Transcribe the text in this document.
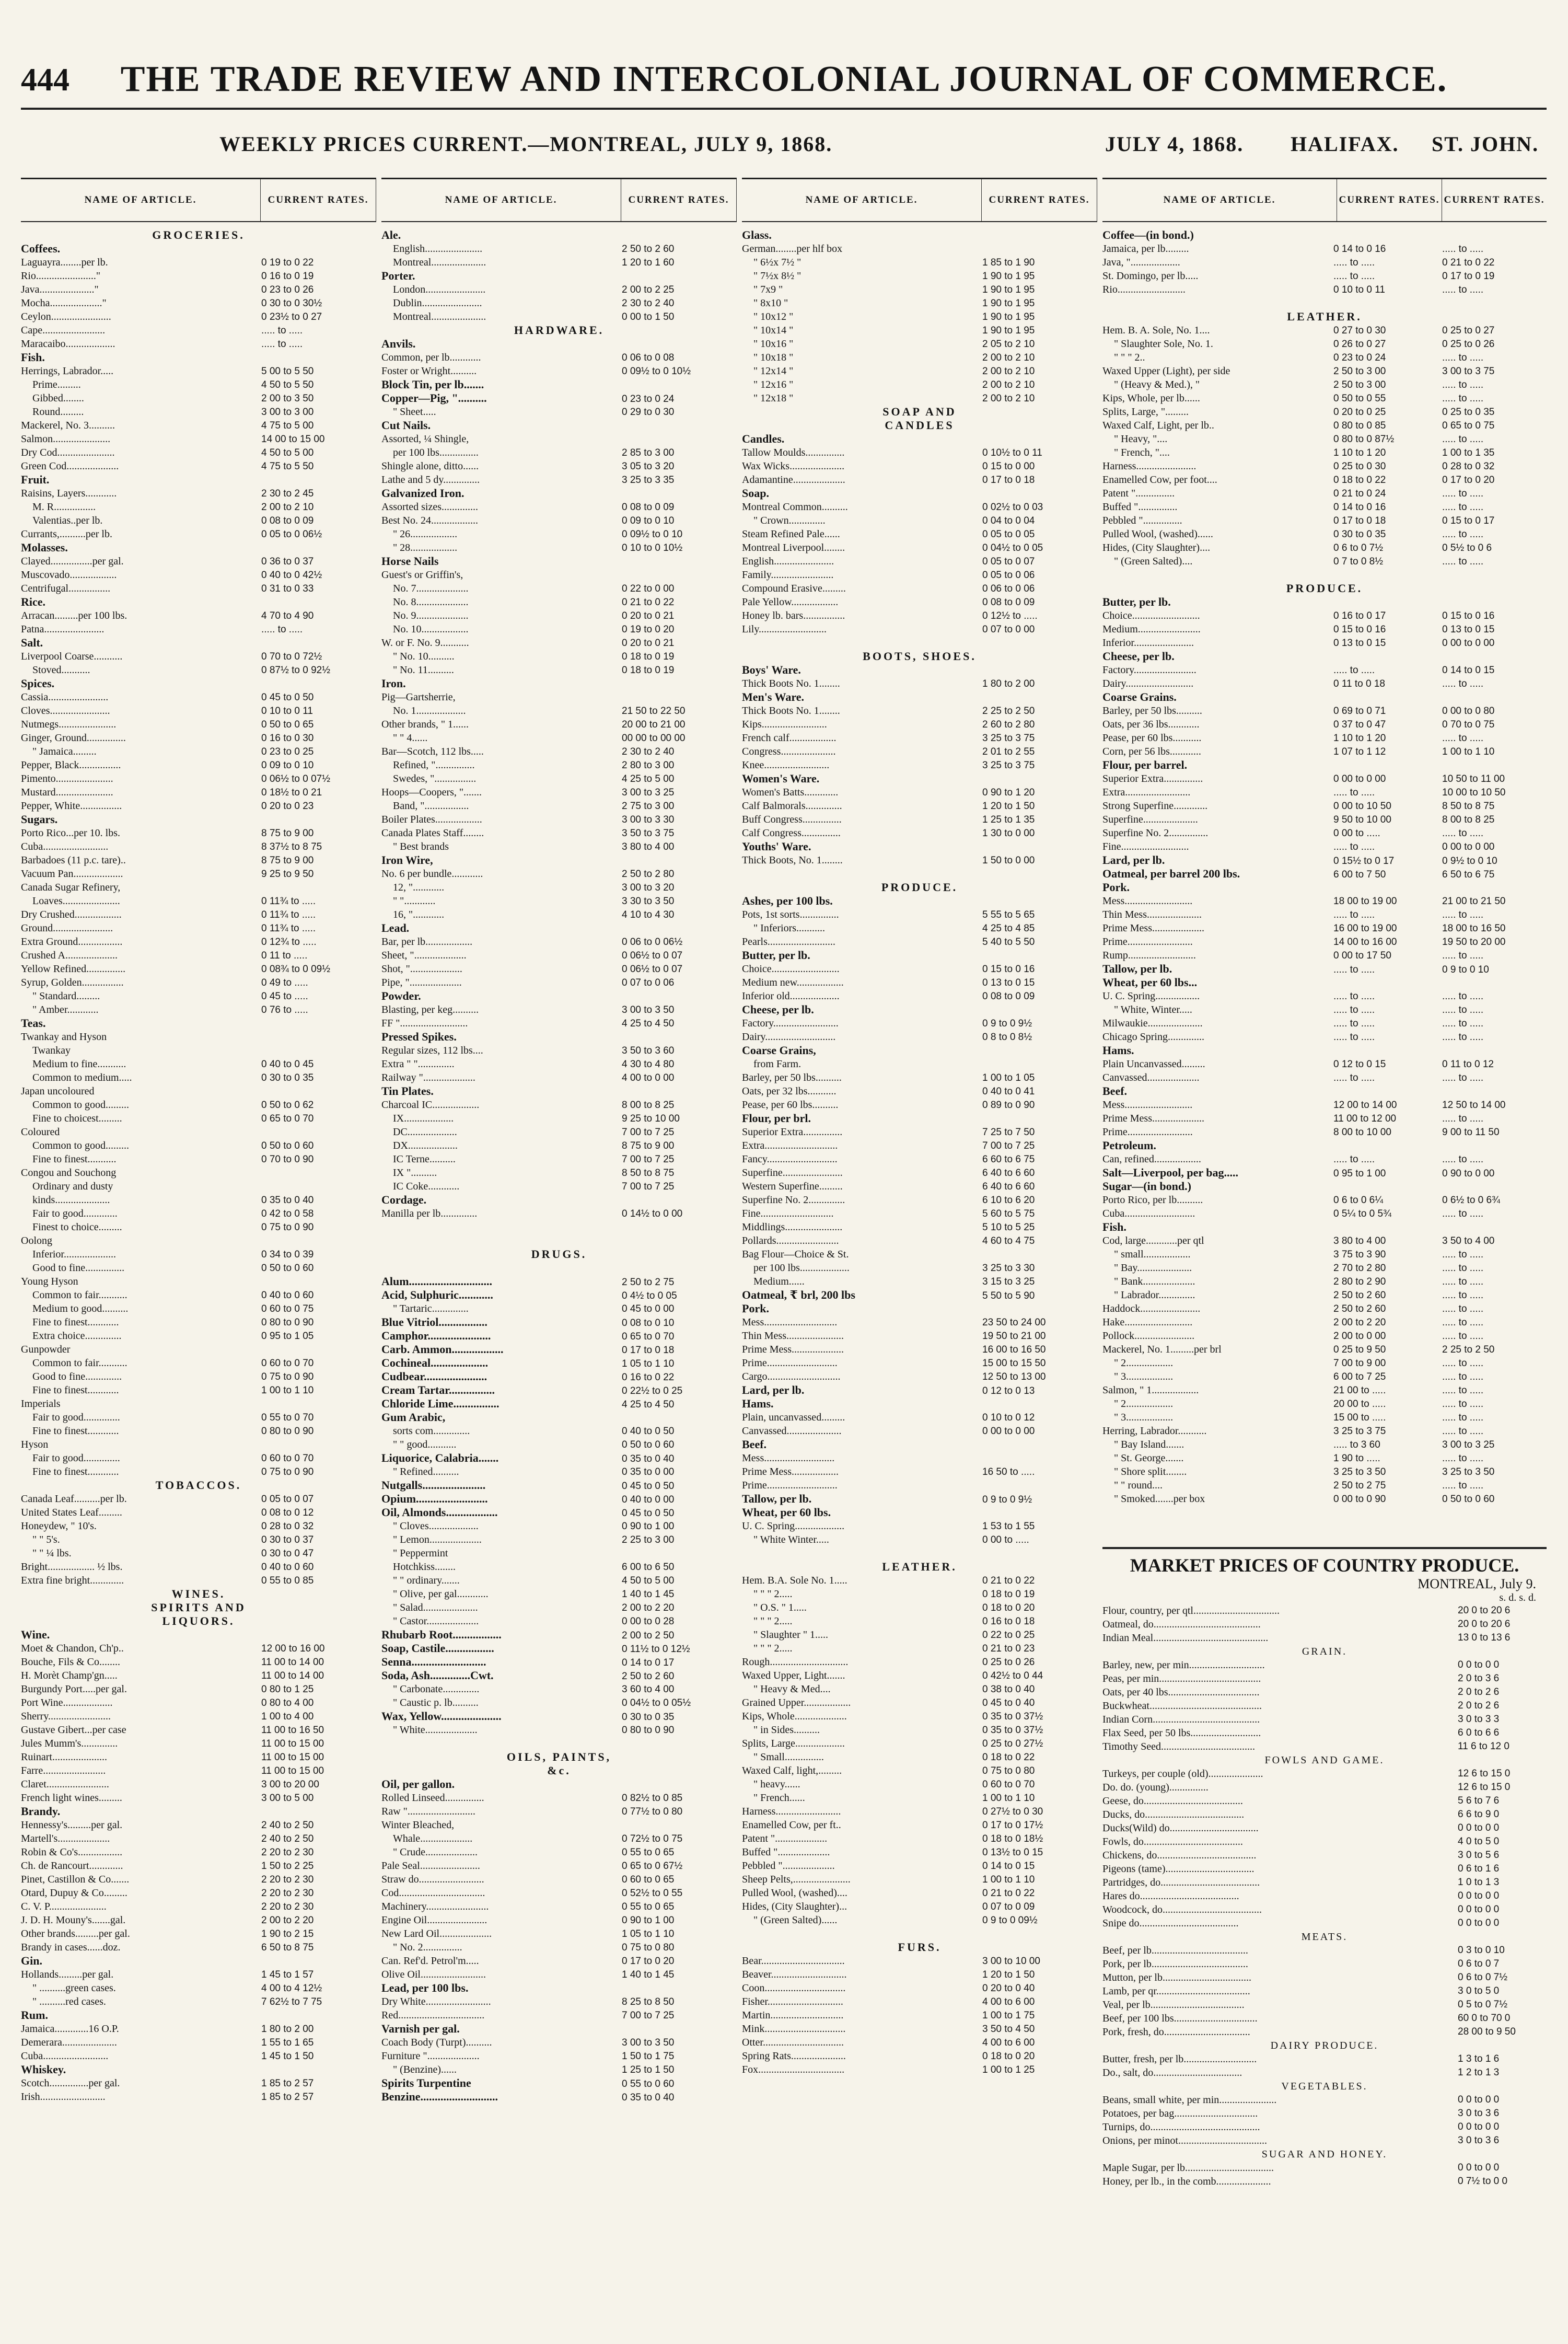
444	THE TRADE REVIEW AND INTERCOLONIAL JOURNAL OF COMMERCE.
WEEKLY PRICES CURRENT.—MONTREAL, JULY 9, 1868.	JULY 4, 1868. HALIFAX. ST. JOHN.
NAME OF ARTICLE.	CURRENT RATES.
GROCERIES.
Coffees.
Laguayra........per lb.	0 19 to 0 22
Rio......................."	0 16 to 0 19
Java....................."	0 23 to 0 26
Mocha...................."	0 30 to 0 30½
Ceylon.......................	0 23½ to 0 27
Cape........................	..... to .....
Maracaibo...................	..... to .....
Fish.
Herrings, Labrador.....	5 00 to 5 50
Prime.........	4 50 to 5 50
Gibbed........	2 00 to 3 50
Round.........	3 00 to 3 00
Mackerel, No. 3..........	4 75 to 5 00
Salmon......................	14 00 to 15 00
Dry Cod......................	4 50 to 5 00
Green Cod....................	4 75 to 5 50
Fruit.
Raisins, Layers............	2 30 to 2 45
M. R................	2 00 to 2 10
Valentias..per lb.	0 08 to 0 09
Currants,..........per lb.	0 05 to 0 06½
Molasses.
Clayed................per gal.	0 36 to 0 37
Muscovado..................	0 40 to 0 42½
Centrifugal................	0 31 to 0 33
Rice.
Arracan.........per 100 lbs.	4 70 to 4 90
Patna.......................	..... to .....
Salt.
Liverpool Coarse...........	0 70 to 0 72½
Stoved...........	0 87½ to 0 92½
Spices.
Cassia.......................	0 45 to 0 50
Cloves.......................	0 10 to 0 11
Nutmegs......................	0 50 to 0 65
Ginger, Ground...............	0 16 to 0 30
" Jamaica.........	0 23 to 0 25
Pepper, Black................	0 09 to 0 10
Pimento......................	0 06½ to 0 07½
Mustard......................	0 18½ to 0 21
Pepper, White................	0 20 to 0 23
Sugars.
Porto Rico...per 10. lbs.	8 75 to 9 00
Cuba.........................	8 37½ to 8 75
Barbadoes (11 p.c. tare)..	8 75 to 9 00
Vacuum Pan...................	9 25 to 9 50
Canada Sugar Refinery,
Loaves......................	0 11¾ to .....
Dry Crushed..................	0 11¾ to .....
Ground.......................	0 11¾ to .....
Extra Ground.................	0 12¾ to .....
Crushed A....................	0 11 to .....
Yellow Refined...............	0 08¾ to 0 09½
Syrup, Golden................	0 49 to .....
" Standard.........	0 45 to .....
" Amber............	0 76 to .....
Teas.
Twankay and Hyson
Twankay
Medium to fine...........	0 40 to 0 45
Common to medium.....	0 30 to 0 35
Japan uncoloured
Common to good.........	0 50 to 0 62
Fine to choicest.........	0 65 to 0 70
Coloured
Common to good.........	0 50 to 0 60
Fine to finest...........	0 70 to 0 90
Congou and Souchong
Ordinary and dusty
kinds.....................	0 35 to 0 40
Fair to good.............	0 42 to 0 58
Finest to choice.........	0 75 to 0 90
Oolong
Inferior....................	0 34 to 0 39
Good to fine...............	0 50 to 0 60
Young Hyson
Common to fair...........	0 40 to 0 60
Medium to good..........	0 60 to 0 75
Fine to finest............	0 80 to 0 90
Extra choice..............	0 95 to 1 05
Gunpowder
Common to fair...........	0 60 to 0 70
Good to fine..............	0 75 to 0 90
Fine to finest............	1 00 to 1 10
Imperials
Fair to good..............	0 55 to 0 70
Fine to finest............	0 80 to 0 90
Hyson
Fair to good..............	0 60 to 0 70
Fine to finest............	0 75 to 0 90
TOBACCOS.
Canada Leaf..........per lb.	0 05 to 0 07
United States Leaf.........	0 08 to 0 12
Honeydew, " 10's.	0 28 to 0 32
" " 5's.	0 30 to 0 37
" " ¼ lbs.	0 30 to 0 47
Bright.................. ½ lbs.	0 40 to 0 60
Extra fine bright.............	0 55 to 0 85
WINES.
SPIRITS AND
LIQUORS.
Wine.
Moet & Chandon, Ch'p..	12 00 to 16 00
Bouche, Fils & Co........	11 00 to 14 00
H. Morèt Champ'gn.....	11 00 to 14 00
Burgundy Port.....per gal.	0 80 to 1 25
Port Wine...................	0 80 to 4 00
Sherry........................	1 00 to 4 00
Gustave Gibert...per case	11 00 to 16 50
Jules Mumm's..............	11 00 to 15 00
Ruinart.....................	11 00 to 15 00
Farre........................	11 00 to 15 00
Claret........................	3 00 to 20 00
French light wines.........	3 00 to 5 00
Brandy.
Hennessy's.........per gal.	2 40 to 2 50
Martell's....................	2 40 to 2 50
Robin & Co's.................	2 20 to 2 30
Ch. de Rancourt.............	1 50 to 2 25
Pinet, Castillon & Co.......	2 20 to 2 30
Otard, Dupuy & Co.........	2 20 to 2 30
C. V. P......................	2 20 to 2 30
J. D. H. Mouny's.......gal.	2 00 to 2 20
Other brands.........per gal.	1 90 to 2 15
Brandy in cases......doz.	6 50 to 8 75
Gin.
Hollands.........per gal.	1 45 to 1 57
" ..........green cases.	4 00 to 4 12½
" ..........red cases.	7 62½ to 7 75
Rum.
Jamaica.............16 O.P.	1 80 to 2 00
Demerara.....................	1 55 to 1 65
Cuba.........................	1 45 to 1 50
Whiskey.
Scotch...............per gal.	1 85 to 2 57
Irish.........................	1 85 to 2 57
NAME OF ARTICLE.	CURRENT RATES.
Ale.
English......................	2 50 to 2 60
Montreal.....................	1 20 to 1 60
Porter.
London.......................	2 00 to 2 25
Dublin.......................	2 30 to 2 40
Montreal.....................	0 00 to 1 50
HARDWARE.
Anvils.
Common, per lb............	0 06 to 0 08
Foster or Wright..........	0 09½ to 0 10½
Block Tin, per lb.......
Copper—Pig, "..........	0 23 to 0 24
" Sheet.....	0 29 to 0 30
Cut Nails.
Assorted, ¼ Shingle,
per 100 lbs...............	2 85 to 3 00
Shingle alone, ditto......	3 05 to 3 20
Lathe and 5 dy..............	3 25 to 3 35
Galvanized Iron.
Assorted sizes..............	0 08 to 0 09
Best No. 24..................	0 09 to 0 10
" 26..................	0 09½ to 0 10
" 28..................	0 10 to 0 10½
Horse Nails
Guest's or Griffin's,
No. 7....................	0 22 to 0 00
No. 8....................	0 21 to 0 22
No. 9....................	0 20 to 0 21
No. 10..................	0 19 to 0 20
W. or F. No. 9...........	0 20 to 0 21
" No. 10..........	0 18 to 0 19
" No. 11..........	0 18 to 0 19
Iron.
Pig—Gartsherrie,
No. 1...................	21 50 to 22 50
Other brands, " 1......	20 00 to 21 00
" " 4......	00 00 to 00 00
Bar—Scotch, 112 lbs.....	2 30 to 2 40
Refined, "...............	2 80 to 3 00
Swedes, "................	4 25 to 5 00
Hoops—Coopers, ".......	3 00 to 3 25
Band, ".................	2 75 to 3 00
Boiler Plates..................	3 00 to 3 30
Canada Plates Staff........	3 50 to 3 75
" Best brands	3 80 to 4 00
Iron Wire,
No. 6 per bundle............	2 50 to 2 80
12, "............	3 00 to 3 20
" "............	3 30 to 3 50
16, "............	4 10 to 4 30
Lead.
Bar, per lb..................	0 06 to 0 06½
Sheet, "....................	0 06½ to 0 07
Shot, "....................	0 06½ to 0 07
Pipe, "....................	0 07 to 0 06
Powder.
Blasting, per keg..........	3 00 to 3 50
FF "..........................	4 25 to 4 50
Pressed Spikes.
Regular sizes, 112 lbs....	3 50 to 3 60
Extra " "..............	4 30 to 4 80
Railway "....................	4 00 to 0 00
Tin Plates.
Charcoal IC..................	8 00 to 8 25
IX...................	9 25 to 10 00
DC...................	7 00 to 7 25
DX...................	8 75 to 9 00
IC Terne..........	7 00 to 7 25
IX "..........	8 50 to 8 75
IC Coke............	7 00 to 7 25
Cordage.
Manilla per lb..............	0 14½ to 0 00
DRUGS.
Alum.............................	2 50 to 2 75
Acid, Sulphuric............	0 4½ to 0 05
" Tartaric..............	0 45 to 0 00
Blue Vitriol.................	0 08 to 0 10
Camphor......................	0 65 to 0 70
Carb. Ammon..................	0 17 to 0 18
Cochineal....................	1 05 to 1 10
Cudbear......................	0 16 to 0 22
Cream Tartar................	0 22½ to 0 25
Chloride Lime................	4 25 to 4 50
Gum Arabic,
sorts com..............	0 40 to 0 50
" " good...........	0 50 to 0 60
Liquorice, Calabria.......	0 35 to 0 40
" Refined..........	0 35 to 0 00
Nutgalls......................	0 45 to 0 50
Opium.........................	0 40 to 0 00
Oil, Almonds..................	0 45 to 0 50
" Cloves...................	0 90 to 1 00
" Lemon....................	2 25 to 3 00
" Peppermint
Hotchkiss........	6 00 to 6 50
" " ordinary.......	4 50 to 5 00
" Olive, per gal............	1 40 to 1 45
" Salad.....................	2 00 to 2 20
" Castor....................	0 00 to 0 28
Rhubarb Root.................	2 00 to 2 50
Soap, Castile.................	0 11½ to 0 12½
Senna..........................	0 14 to 0 17
Soda, Ash..............Cwt.	2 50 to 2 60
" Carbonate..............	3 60 to 4 00
" Caustic p. lb..........	0 04½ to 0 05½
Wax, Yellow.....................	0 30 to 0 35
" White....................	0 80 to 0 90
OILS, PAINTS,
&c.
Oil, per gallon.
Rolled Linseed...............	0 82½ to 0 85
Raw "..........................	0 77½ to 0 80
Winter Bleached,
Whale....................	0 72½ to 0 75
" Crude....................	0 55 to 0 65
Pale Seal.......................	0 65 to 0 67½
Straw do.........................	0 60 to 0 65
Cod.................................	0 52½ to 0 55
Machinery........................	0 55 to 0 65
Engine Oil.......................	0 90 to 1 00
New Lard Oil....................	1 05 to 1 10
" No. 2...............	0 75 to 0 80
Can. Ref'd. Petrol'm.....	0 17 to 0 20
Olive Oil.........................	1 40 to 1 45
Lead, per 100 lbs.
Dry White.........................	8 25 to 8 50
Red.................................	7 00 to 7 25
Varnish per gal.
Coach Body (Turpt)..........	3 00 to 3 50
Furniture "....................	1 50 to 1 75
" (Benzine)......	1 25 to 1 50
Spirits Turpentine	0 55 to 0 60
Benzine...........................	0 35 to 0 40
NAME OF ARTICLE.	CURRENT RATES.
Glass.
German........per hlf box
" 6½x 7½ "	1 85 to 1 90
" 7½x 8½ "	1 90 to 1 95
" 7x9 "	1 90 to 1 95
" 8x10 "	1 90 to 1 95
" 10x12 "	1 90 to 1 95
" 10x14 "	1 90 to 1 95
" 10x16 "	2 05 to 2 10
" 10x18 "	2 00 to 2 10
" 12x14 "	2 00 to 2 10
" 12x16 "	2 00 to 2 10
" 12x18 "	2 00 to 2 10
SOAP AND
CANDLES
Candles.
Tallow Moulds...............	0 10½ to 0 11
Wax Wicks.....................	0 15 to 0 00
Adamantine....................	0 17 to 0 18
Soap.
Montreal Common..........	0 02½ to 0 03
" Crown..............	0 04 to 0 04
Steam Refined Pale......	0 05 to 0 05
Montreal Liverpool........	0 04½ to 0 05
English.......................	0 05 to 0 07
Family........................	0 05 to 0 06
Compound Erasive.........	0 06 to 0 06
Pale Yellow..................	0 08 to 0 09
Honey lb. bars................	0 12½ to .....
Lily..........................	0 07 to 0 00
BOOTS, SHOES.
Boys' Ware.
Thick Boots No. 1........	1 80 to 2 00
Men's Ware.
Thick Boots No. 1........	2 25 to 2 50
Kips.........................	2 60 to 2 80
French calf..................	3 25 to 3 75
Congress.....................	2 01 to 2 55
Knee.........................	3 25 to 3 75
Women's Ware.
Women's Batts.............	0 90 to 1 20
Calf Balmorals..............	1 20 to 1 50
Buff Congress...............	1 25 to 1 35
Calf Congress...............	1 30 to 0 00
Youths' Ware.
Thick Boots, No. 1........	1 50 to 0 00
PRODUCE.
Ashes, per 100 lbs.
Pots, 1st sorts...............	5 55 to 5 65
" Inferiors...........	4 25 to 4 85
Pearls..........................	5 40 to 5 50
Butter, per lb.
Choice..........................	0 15 to 0 16
Medium new..................	0 13 to 0 15
Inferior old...................	0 08 to 0 09
Cheese, per lb.
Factory.........................	0 9 to 0 9½
Dairy...........................	0 8 to 0 8½
Coarse Grains,
from Farm.
Barley, per 50 lbs..........	1 00 to 1 05
Oats, per 32 lbs...........	0 40 to 0 41
Pease, per 60 lbs..........	0 89 to 0 90
Flour, per brl.
Superior Extra...............	7 25 to 7 50
Extra............................	7 00 to 7 25
Fancy...........................	6 60 to 6 75
Superfine.......................	6 40 to 6 60
Western Superfine.........	6 40 to 6 60
Superfine No. 2..............	6 10 to 6 20
Fine............................	5 60 to 5 75
Middlings......................	5 10 to 5 25
Pollards........................	4 60 to 4 75
Bag Flour—Choice & St.
per 100 lbs...................	3 25 to 3 30
Medium......	3 15 to 3 25
Oatmeal, ₹ brl, 200 lbs	5 50 to 5 90
Pork.
Mess............................	23 50 to 24 00
Thin Mess......................	19 50 to 21 00
Prime Mess....................	16 00 to 16 50
Prime...........................	15 00 to 15 50
Cargo............................	12 50 to 13 00
Lard, per lb.	0 12 to 0 13
Hams.
Plain, uncanvassed.........	0 10 to 0 12
Canvassed.....................	0 00 to 0 00
Beef.
Mess...........................
Prime Mess..................	16 50 to .....
Prime...........................
Tallow, per lb.	0 9 to 0 9½
Wheat, per 60 lbs.
U. C. Spring...................	1 53 to 1 55
" White Winter.....	0 00 to .....
LEATHER.
Hem. B.A. Sole No. 1.....	0 21 to 0 22
" " " 2.....	0 18 to 0 19
" O.S. " 1.....	0 18 to 0 20
" " " 2.....	0 16 to 0 18
" Slaughter " 1.....	0 22 to 0 25
" " " 2.....	0 21 to 0 23
Rough..............................	0 25 to 0 26
Waxed Upper, Light.......	0 42½ to 0 44
" Heavy & Med....	0 38 to 0 40
Grained Upper..................	0 45 to 0 40
Kips, Whole....................	0 35 to 0 37½
" in Sides..........	0 35 to 0 37½
Splits, Large...................	0 25 to 0 27½
" Small...............	0 18 to 0 22
Waxed Calf, light,.........	0 75 to 0 80
" heavy......	0 60 to 0 70
" French......	1 00 to 1 10
Harness.........................	0 27½ to 0 30
Enamelled Cow, per ft..	0 17 to 0 17½
Patent "....................	0 18 to 0 18½
Buffed "....................	0 13½ to 0 15
Pebbled "....................	0 14 to 0 15
Sheep Pelts,......................	1 00 to 1 10
Pulled Wool, (washed)....	0 21 to 0 22
Hides, (City Slaughter)...	0 07 to 0 09
" (Green Salted)......	0 9 to 0 09½
FURS.
Bear................................	3 00 to 10 00
Beaver.............................	1 20 to 1 50
Coon...............................	0 20 to 0 40
Fisher.............................	4 00 to 6 00
Martin............................	1 00 to 1 75
Mink...............................	3 50 to 4 50
Otter...............................	4 00 to 6 00
Spring Rats.....................	0 18 to 0 20
Fox.................................	1 00 to 1 25
NAME OF ARTICLE.	CURRENT RATES. CURRENT RATES.
Coffee—(in bond.)
Jamaica, per lb.........	0 14 to 0 16	..... to .....
Java, "...................	..... to .....	0 21 to 0 22
St. Domingo, per lb.....	..... to .....	0 17 to 0 19
Rio..........................	0 10 to 0 11	..... to .....
LEATHER.
Hem. B. A. Sole, No. 1....	0 27 to 0 30	0 25 to 0 27
" Slaughter Sole, No. 1.	0 26 to 0 27	0 25 to 0 26
" " " 2..	0 23 to 0 24	..... to .....
Waxed Upper (Light), per side	2 50 to 3 00	3 00 to 3 75
" (Heavy & Med.), "	2 50 to 3 00	..... to .....
Kips, Whole, per lb......	0 50 to 0 55	..... to .....
Splits, Large, ".........	0 20 to 0 25	0 25 to 0 35
Waxed Calf, Light, per lb..	0 80 to 0 85	0 65 to 0 75
" Heavy, "....	0 80 to 0 87½	..... to .....
" French, "....	1 10 to 1 20	1 00 to 1 35
Harness.......................	0 25 to 0 30	0 28 to 0 32
Enamelled Cow, per foot....	0 18 to 0 22	0 17 to 0 20
Patent "...............	0 21 to 0 24	..... to .....
Buffed "...............	0 14 to 0 16	..... to .....
Pebbled "...............	0 17 to 0 18	0 15 to 0 17
Pulled Wool, (washed)......	0 30 to 0 35	..... to .....
Hides, (City Slaughter)....	0 6 to 0 7½	0 5½ to 0 6
" (Green Salted)....	0 7 to 0 8½	..... to .....
PRODUCE.
Butter, per lb.
Choice..........................	0 16 to 0 17	0 15 to 0 16
Medium........................	0 15 to 0 16	0 13 to 0 15
Inferior.......................	0 13 to 0 15	0 00 to 0 00
Cheese, per lb.
Factory........................	..... to .....	0 14 to 0 15
Dairy..........................	0 11 to 0 18	..... to .....
Coarse Grains.
Barley, per 50 lbs..........	0 69 to 0 71	0 00 to 0 80
Oats, per 36 lbs............	0 37 to 0 47	0 70 to 0 75
Pease, per 60 lbs...........	1 10 to 1 20	..... to .....
Corn, per 56 lbs............	1 07 to 1 12	1 00 to 1 10
Flour, per barrel.
Superior Extra...............	0 00 to 0 00	10 50 to 11 00
Extra.........................	..... to .....	10 00 to 10 50
Strong Superfine.............	0 00 to 10 50	8 50 to 8 75
Superfine.....................	9 50 to 10 00	8 00 to 8 25
Superfine No. 2...............	0 00 to .....	..... to .....
Fine..........................	..... to .....	0 00 to 0 00
Lard, per lb.	0 15½ to 0 17	0 9½ to 0 10
Oatmeal, per barrel 200 lbs.	6 00 to 7 50	6 50 to 6 75
Pork.
Mess..........................	18 00 to 19 00	21 00 to 21 50
Thin Mess.....................	..... to .....	..... to .....
Prime Mess....................	16 00 to 19 00	18 00 to 16 50
Prime.........................	14 00 to 16 00	19 50 to 20 00
Rump..........................	0 00 to 17 50	..... to .....
Tallow, per lb.	..... to .....	0 9 to 0 10
Wheat, per 60 lbs...
U. C. Spring.................	..... to .....	..... to .....
" White, Winter.....	..... to .....	..... to .....
Milwaukie.....................	..... to .....	..... to .....
Chicago Spring..............	..... to .....	..... to .....
Hams.
Plain Uncanvassed.........	0 12 to 0 15	0 11 to 0 12
Canvassed....................	..... to .....	..... to .....
Beef.
Mess..........................	12 00 to 14 00	12 50 to 14 00
Prime Mess....................	11 00 to 12 00	..... to .....
Prime.........................	8 00 to 10 00	9 00 to 11 50
Petroleum.
Can, refined..................	..... to .....	..... to .....
Salt—Liverpool, per bag.....	0 95 to 1 00	0 90 to 0 00
Sugar—(in bond.)
Porto Rico, per lb..........	0 6 to 0 6¼	0 6½ to 0 6¾
Cuba...........................	0 5¼ to 0 5¾	..... to .....
Fish.
Cod, large............per qtl	3 80 to 4 00	3 50 to 4 00
" small..................	3 75 to 3 90	..... to .....
" Bay.....................	2 70 to 2 80	..... to .....
" Bank....................	2 80 to 2 90	..... to .....
" Labrador..............	2 50 to 2 60	..... to .....
Haddock.......................	2 50 to 2 60	..... to .....
Hake..........................	2 00 to 2 20	..... to .....
Pollock.......................	2 00 to 0 00	..... to .....
Mackerel, No. 1.........per brl	0 25 to 9 50	2 25 to 2 50
" 2..................	7 00 to 9 00	..... to .....
" 3..................	6 00 to 7 25	..... to .....
Salmon, " 1..................	21 00 to .....	..... to .....
" 2..................	20 00 to .....	..... to .....
" 3..................	15 00 to .....	..... to .....
Herring, Labrador...........	3 25 to 3 75	..... to .....
" Bay Island.......	..... to 3 60	3 00 to 3 25
" St. George.......	1 90 to .....	..... to .....
" Shore split........	3 25 to 3 50	3 25 to 3 50
" " round....	2 50 to 2 75	..... to .....
" Smoked.......per box	0 00 to 0 90	0 50 to 0 60
MARKET PRICES OF COUNTRY PRODUCE.
MONTREAL, July 9.
s. d. s. d.
Flour, country, per qtl.................................	20 0 to 20 6
Oatmeal, do.........................................	20 0 to 20 6
Indian Meal............................................	13 0 to 13 6
GRAIN.
Barley, new, per min.............................	0 0 to 0 0
Peas, per min.......................................	2 0 to 3 6
Oats, per 40 lbs...................................	2 0 to 2 6
Buckwheat...........................................	2 0 to 2 6
Indian Corn.........................................	3 0 to 3 3
Flax Seed, per 50 lbs...........................	6 0 to 6 6
Timothy Seed....................................	11 6 to 12 0
FOWLS AND GAME.
Turkeys, per couple (old).....................	12 6 to 15 0
Do. do. (young)...............	12 6 to 15 0
Geese, do......................................	5 6 to 7 6
Ducks, do......................................	6 6 to 9 0
Ducks(Wild) do..................................	0 0 to 0 0
Fowls, do......................................	4 0 to 5 0
Chickens, do......................................	3 0 to 5 6
Pigeons (tame)..................................	0 6 to 1 6
Partridges, do......................................	1 0 to 1 3
Hares do......................................	0 0 to 0 0
Woodcock, do......................................	0 0 to 0 0
Snipe do......................................	0 0 to 0 0
MEATS.
Beef, per lb.....................................	0 3 to 0 10
Pork, per lb.....................................	0 6 to 0 7
Mutton, per lb..................................	0 6 to 0 7½
Lamb, per qr....................................	3 0 to 5 0
Veal, per lb....................................	0 5 to 0 7½
Beef, per 100 lbs................................	60 0 to 70 0
Pork, fresh, do.................................	28 00 to 9 50
DAIRY PRODUCE.
Butter, fresh, per lb............................	1 3 to 1 6
Do., salt, do..................................	1 2 to 1 3
VEGETABLES.
Beans, small white, per min......................	0 0 to 0 0
Potatoes, per bag................................	3 0 to 3 6
Turnips, do..........................................	0 0 to 0 0
Onions, per minot..................................	3 0 to 3 6
SUGAR AND HONEY.
Maple Sugar, per lb..................................	0 0 to 0 0
Honey, per lb., in the comb.....................	0 7½ to 0 0
